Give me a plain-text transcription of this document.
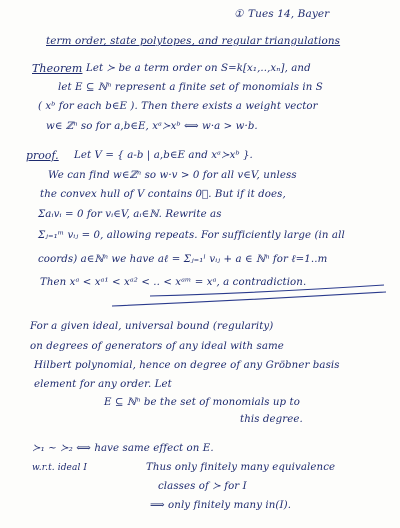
① Tues 14, Bayer
term order, state polytopes, and regular triangulations
Theorem Let ≻ be a term order on S=k[x₁,..,xₙ], and
let E ⊆ ℕⁿ represent a finite set of monomials in S
( xᵇ for each b∈E ). Then there exists a weight vector
w∈ ℤⁿ so for a,b∈E, xᵃ≻xᵇ ⟺ w·a > w·b.
proof. Let V = { a-b | a,b∈E and xᵃ≻xᵇ }.
We can find w∈ℤⁿ so w·v > 0 for all v∈V, unless
the convex hull of V contains 0⃗. But if it does,
Σaᵢvᵢ = 0 for vᵢ∈V, aᵢ∈ℕ. Rewrite as
Σⱼ₌₁ᵐ vᵢⱼ = 0, allowing repeats. For sufficiently large (in all
coords) a∈ℕⁿ we have aℓ = Σⱼ₌₁ˡ vᵢⱼ + a ∈ ℕⁿ for ℓ=1..m
Then xᵃ < xᵃ¹ < xᵃ² < .. < xᵃᵐ = xᵃ, a contradiction.
For a given ideal, universal bound (regularity)
on degrees of generators of any ideal with same
Hilbert polynomial, hence on degree of any Gröbner basis
element for any order. Let
E ⊆ ℕⁿ be the set of monomials up to
this degree.
≻₁ ~ ≻₂ ⟺ have same effect on E.
w.r.t. ideal I	Thus only finitely many equivalence
classes of ≻ for I
⟹ only finitely many in(I).
